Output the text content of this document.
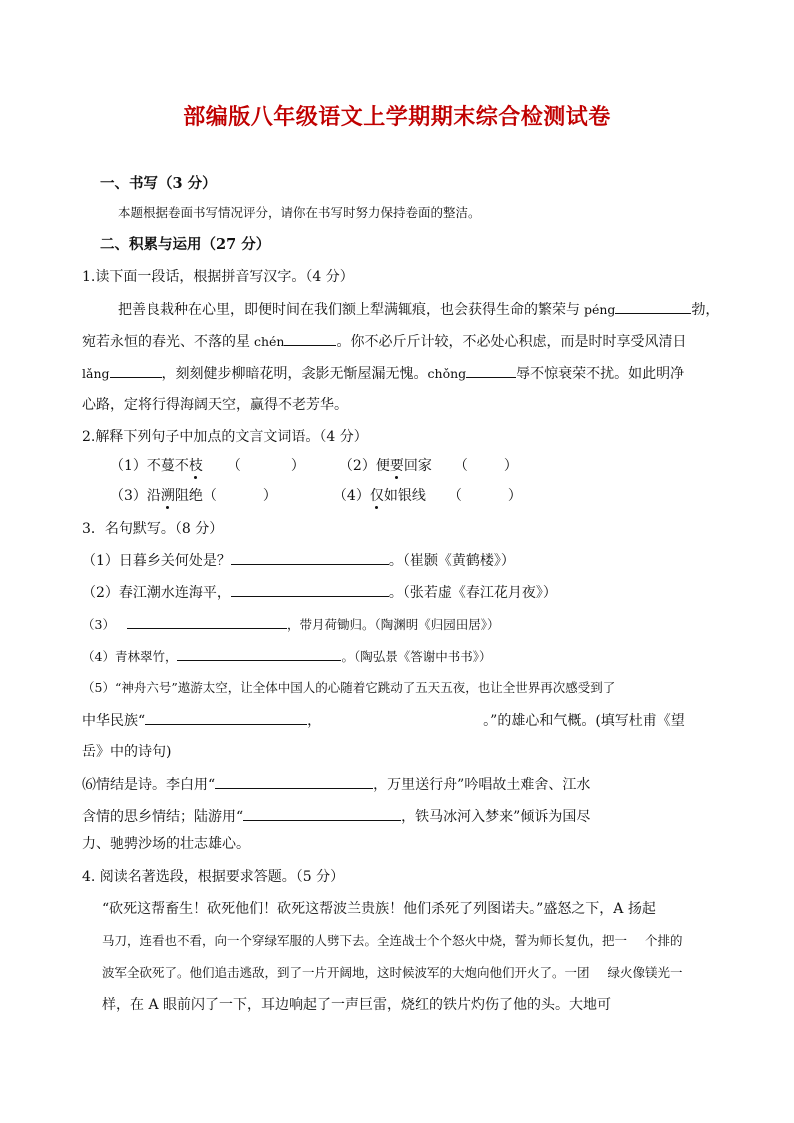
部编版八年级语文上学期期末综合检测试卷
一、书写（3 分）
本题根据卷面书写情况评分，请你在书写时努力保持卷面的整洁。
二、积累与运用（27 分）
1.读下面一段话，根据拼音写汉字。（4 分）
把善良栽种在心里，即便时间在我们额上犁满辄痕，也会获得生命的繁荣与 péng	勃，
宛若永恒的春光、不落的星 chén	。你不必斤斤计较，不必处心积虑，而是时时享受风清日
lǎng	，刻刻健步柳暗花明，衾影无惭屋漏无愧。chǒng	辱不惊衰荣不扰。如此明净
心路，定将行得海阔天空，赢得不老芳华。
2.解释下列句子中加点的文言文词语。（4 分）
（1）不蔓不枝 （	） （2）便要回家 （	）
（3）沿溯阻绝（	）	（4）仅如银线 （	）
3．名句默写。（8 分）
（1）日暮乡关何处是？	。（崔颢《黄鹤楼》）
（2）春江潮水连海平，	。（张若虚《春江花月夜》）
（3）	，带月荷锄归。（陶渊明《归园田居》）
（4）青林翠竹，	。（陶弘景《答谢中书书》）
（5）“神舟六号”遨游太空，让全体中国人的心随着它跳动了五天五夜，也让全世界再次感受到了
中华民族“	，	。”的雄心和气概。(填写杜甫《望
岳》中的诗句)
⑹情结是诗。李白用“	，万里送行舟”吟唱故土难舍、江水
含情的思乡情结；陆游用“	，铁马冰河入梦来”倾诉为国尽
力、驰骋沙场的壮志雄心。
4. 阅读名著选段，根据要求答题。（5 分）
“砍死这帮畜生！砍死他们！砍死这帮波兰贵族！他们杀死了列图诺夫。”盛怒之下，A 扬起
马刀，连看也不看，向一个穿绿军服的人劈下去。全连战士个个怒火中烧，誓为师长复仇，把一 个排的
波军全砍死了。他们追击逃敌，到了一片开阔地，这时候波军的大炮向他们开火了。一团 绿火像镁光一
样，在 A 眼前闪了一下，耳边响起了一声巨雷，烧红的铁片灼伤了他的头。大地可
